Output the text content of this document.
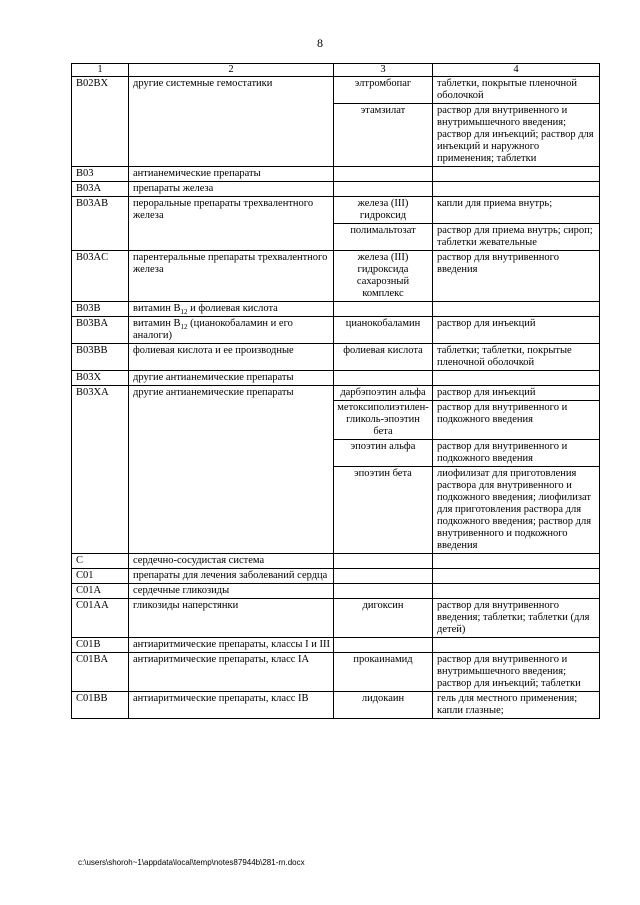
8
1	2	3	4
B02BX	другие системные гемостатики	элтромбопаг	таблетки, покрытые пленочной оболочкой
		этамзилат	раствор для внутривенного и внутримышечного введения; раствор для инъекций; раствор для инъекций и наружного применения; таблетки
B03	антианемические препараты		
B03A	препараты железа		
B03AB	пероральные препараты трехвалентного железа	железа (III) гидроксид	капли для приема внутрь;
		полимальтозат	раствор для приема внутрь; сироп; таблетки жевательные
B03AC	парентеральные препараты трехвалентного железа	железа (III) гидроксида сахарозный комплекс	раствор для внутривенного введения
B03B	витамин $B_{12}$ и фолиевая кислота		
B03BA	витамин $B_{12}$ (цианокобаламин и его аналоги)	цианокобаламин	раствор для инъекций
B03BB	фолиевая кислота и ее производные	фолиевая кислота	таблетки; таблетки, покрытые пленочной оболочкой
B03X	другие антианемические препараты		
B03XA	другие антианемические препараты	дарбэпоэтин альфа	раствор для инъекций
		метоксиполиэтилен-гликоль-эпоэтин бета	раствор для внутривенного и подкожного введения
		эпоэтин альфа	раствор для внутривенного и подкожного введения
		эпоэтин бета	лиофилизат для приготовления раствора для внутривенного и подкожного введения; лиофилизат для приготовления раствора для подкожного введения; раствор для внутривенного и подкожного введения
C	сердечно-сосудистая система		
C01	препараты для лечения заболеваний сердца		
C01A	сердечные гликозиды		
C01AA	гликозиды наперстянки	дигоксин	раствор для внутривенного введения; таблетки; таблетки (для детей)
C01B	антиаритмические препараты, классы I и III		
C01BA	антиаритмические препараты, класс IA	прокаинамид	раствор для внутривенного и внутримышечного введения; раствор для инъекций; таблетки
C01BB	антиаритмические препараты, класс IB	лидокаин	гель для местного применения; капли глазные;
c:\users\shoroh~1\appdata\local\temp\notes87944b\281-rn.docx
